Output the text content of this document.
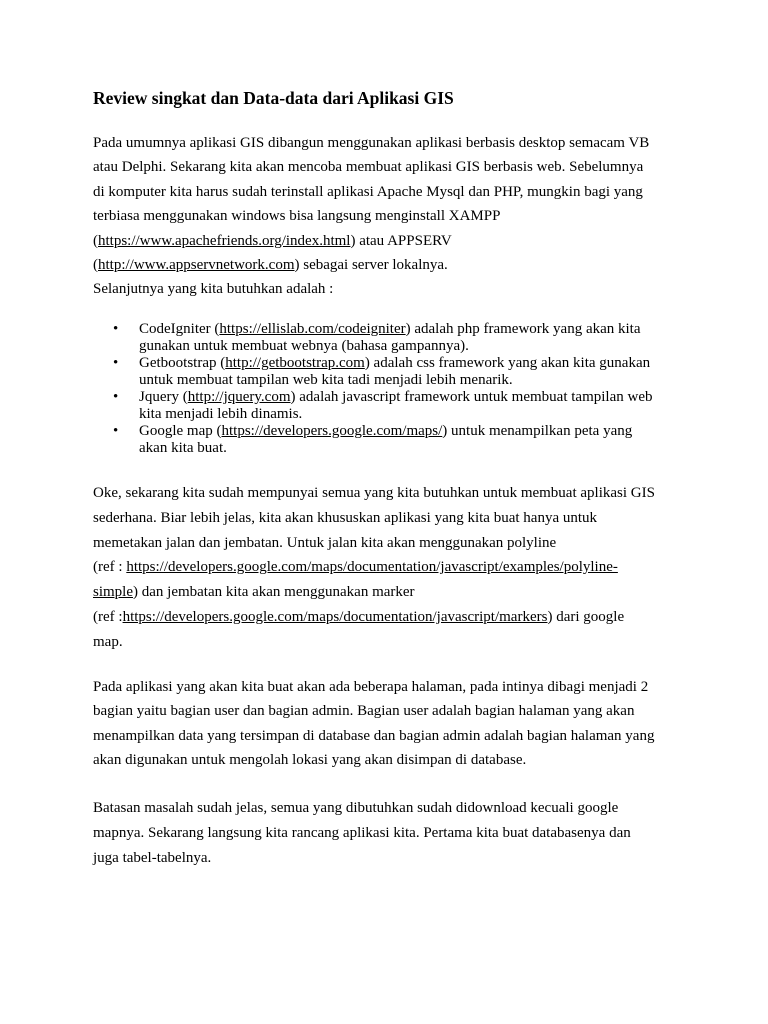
Review singkat dan Data-data dari Aplikasi GIS
Pada umumnya aplikasi GIS dibangun menggunakan aplikasi berbasis desktop semacam VB
atau Delphi. Sekarang kita akan mencoba membuat aplikasi GIS berbasis web. Sebelumnya
di komputer kita harus sudah terinstall aplikasi Apache Mysql dan PHP, mungkin bagi yang
terbiasa menggunakan windows bisa langsung menginstall XAMPP
(https://www.apachefriends.org/index.html) atau APPSERV
(http://www.appservnetwork.com) sebagai server lokalnya.
Selanjutnya yang kita butuhkan adalah :
• CodeIgniter (https://ellislab.com/codeigniter) adalah php framework yang akan kita
gunakan untuk membuat webnya (bahasa gampannya).
• Getbootstrap (http://getbootstrap.com) adalah css framework yang akan kita gunakan
untuk membuat tampilan web kita tadi menjadi lebih menarik.
• Jquery (http://jquery.com) adalah javascript framework untuk membuat tampilan web
kita menjadi lebih dinamis.
• Google map (https://developers.google.com/maps/) untuk menampilkan peta yang
akan kita buat.
Oke, sekarang kita sudah mempunyai semua yang kita butuhkan untuk membuat aplikasi GIS
sederhana. Biar lebih jelas, kita akan khususkan aplikasi yang kita buat hanya untuk
memetakan jalan dan jembatan. Untuk jalan kita akan menggunakan polyline
(ref : https://developers.google.com/maps/documentation/javascript/examples/polyline-
simple) dan jembatan kita akan menggunakan marker
(ref :https://developers.google.com/maps/documentation/javascript/markers) dari google
map.
Pada aplikasi yang akan kita buat akan ada beberapa halaman, pada intinya dibagi menjadi 2
bagian yaitu bagian user dan bagian admin. Bagian user adalah bagian halaman yang akan
menampilkan data yang tersimpan di database dan bagian admin adalah bagian halaman yang
akan digunakan untuk mengolah lokasi yang akan disimpan di database.
Batasan masalah sudah jelas, semua yang dibutuhkan sudah didownload kecuali google
mapnya. Sekarang langsung kita rancang aplikasi kita. Pertama kita buat databasenya dan
juga tabel-tabelnya.
